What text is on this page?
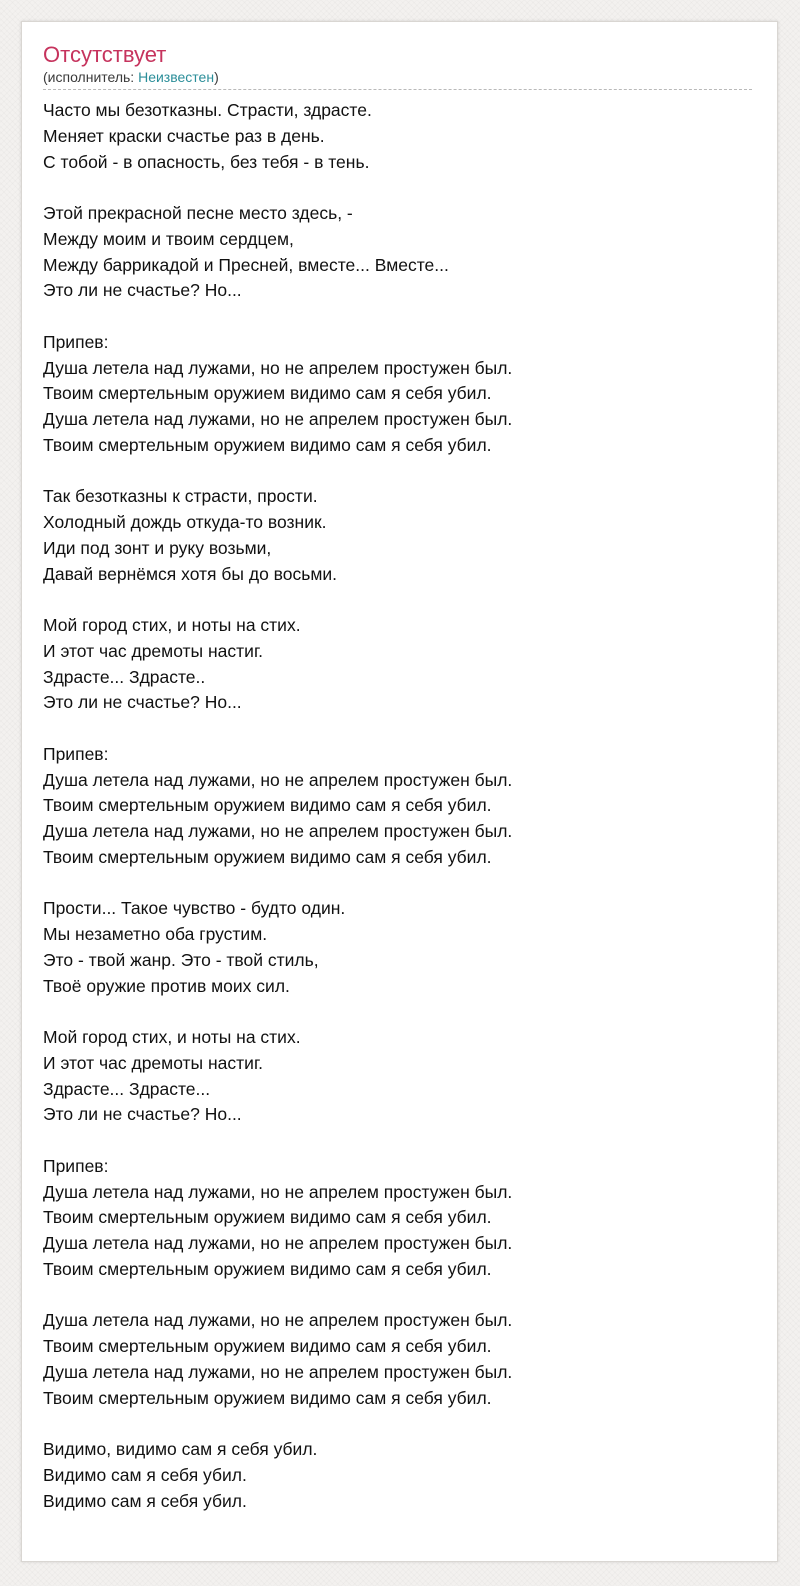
Отсутствует
(исполнитель: Неизвестен)
Часто мы безотказны. Страсти, здрасте.
Меняет краски счастье раз в день.
С тобой - в опасность, без тебя - в тень.
Этой прекрасной песне место здесь, -
Между моим и твоим сердцем,
Между баррикадой и Пресней, вместе... Вместе...
Это ли не счастье? Но...
Припев:
Душа летела над лужами, но не апрелем простужен был.
Твоим смертельным оружием видимо сам я себя убил.
Душа летела над лужами, но не апрелем простужен был.
Твоим смертельным оружием видимо сам я себя убил.
Так безотказны к страсти, прости.
Холодный дождь откуда-то возник.
Иди под зонт и руку возьми,
Давай вернёмся хотя бы до восьми.
Мой город стих, и ноты на стих.
И этот час дремоты настиг.
Здрасте... Здрасте..
Это ли не счастье? Но...
Припев:
Душа летела над лужами, но не апрелем простужен был.
Твоим смертельным оружием видимо сам я себя убил.
Душа летела над лужами, но не апрелем простужен был.
Твоим смертельным оружием видимо сам я себя убил.
Прости... Такое чувство - будто один.
Мы незаметно оба грустим.
Это - твой жанр. Это - твой стиль,
Твоё оружие против моих сил.
Мой город стих, и ноты на стих.
И этот час дремоты настиг.
Здрасте... Здрасте...
Это ли не счастье? Но...
Припев:
Душа летела над лужами, но не апрелем простужен был.
Твоим смертельным оружием видимо сам я себя убил.
Душа летела над лужами, но не апрелем простужен был.
Твоим смертельным оружием видимо сам я себя убил.
Душа летела над лужами, но не апрелем простужен был.
Твоим смертельным оружием видимо сам я себя убил.
Душа летела над лужами, но не апрелем простужен был.
Твоим смертельным оружием видимо сам я себя убил.
Видимо, видимо сам я себя убил.
Видимо сам я себя убил.
Видимо сам я себя убил.
